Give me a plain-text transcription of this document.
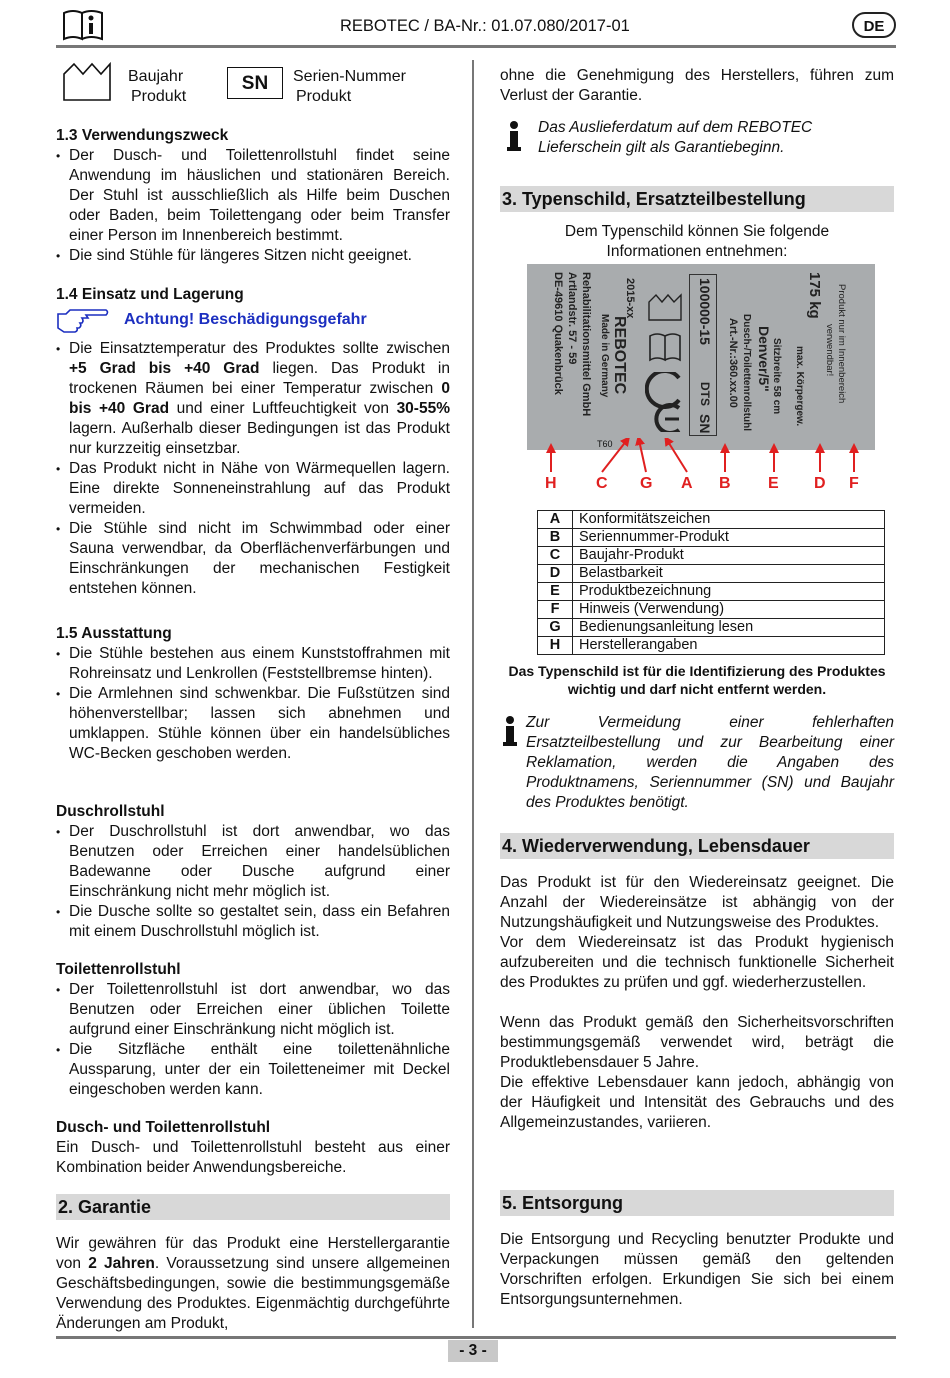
REBOTEC / BA-Nr.: 01.07.080/2017-01	DE
Baujahr
Produkt
SN	Serien-Nummer
Produkt

1.3 Verwendungszweck

• Der Dusch- und Toilettenrollstuhl findet seine Anwendung im häuslichen und stationären Bereich. Der Stuhl ist ausschließlich als Hilfe beim Duschen oder Baden, beim Toilettengang oder beim Transfer einer Person im Innenbereich bestimmt.
• Die sind Stühle für längeres Sitzen nicht geeignet.

1.4 Einsatz und Lagerung

Achtung! Beschädigungsgefahr
• Die Einsatztemperatur des Produktes sollte zwischen +5 Grad bis +40 Grad liegen. Das Produkt in trockenen Räumen bei einer Temperatur zwischen 0 bis +40 Grad und einer Luftfeuchtigkeit von 30-55% lagern. Außerhalb dieser Bedingungen ist das Produkt nur kurzzeitig einsetzbar.
• Das Produkt nicht in Nähe von Wärmequellen lagern. Eine direkte Sonneneinstrahlung auf das Produkt vermeiden.
• Die Stühle sind nicht im Schwimmbad oder einer Sauna verwendbar, da Oberflächenverfärbungen und Einschränkungen der mechanischen Festigkeit entstehen können.

1.5 Ausstattung

• Die Stühle bestehen aus einem Kunststoffrahmen mit Rohreinsatz und Lenkrollen (Feststellbremse hinten).
• Die Armlehnen sind schwenkbar. Die Fußstützen sind höhenverstellbar; lassen sich abnehmen und umklappen. Stühle können über ein handelsübliches WC-Becken geschoben werden.

Duschrollstuhl

• Der Duschrollstuhl ist dort anwendbar, wo das Benutzen oder Erreichen einer handelsüblichen Badewanne oder Dusche aufgrund einer Einschränkung nicht mehr möglich ist.
• Die Dusche sollte so gestaltet sein, dass ein Befahren mit einem Duschrollstuhl möglich ist.

Toilettenrollstuhl

• Der Toilettenrollstuhl ist dort anwendbar, wo das Benutzen oder Erreichen einer üblichen Toilette aufgrund einer Einschränkung nicht möglich ist.
• Die Sitzfläche enthält eine toilettenähnliche Aussparung, unter der ein Toiletteneimer mit Deckel eingeschoben werden kann.

Dusch- und Toilettenrollstuhl

Ein Dusch- und Toilettenrollstuhl besteht aus einer Kombination beider Anwendungsbereiche.

2. Garantie

Wir gewähren für das Produkt eine Herstellergarantie von 2 Jahren. Voraussetzung sind unsere allgemeinen Geschäftsbedingungen, sowie die bestimmungsgemäße Verwendung des Produktes. Eigenmächtig durchgeführte Änderungen am Produkt,

ohne die Genehmigung des Herstellers, führen zum Verlust der Garantie.

Das Auslieferdatum auf dem REBOTEC Lieferschein gilt als Garantiebeginn.

3. Typenschild, Ersatzteilbestellung

Dem Typenschild können Sie folgende Informationen entnehmen:

Rehabilitationsmittel GmbH
Artlandstr. 57 - 59
DE-49610 Quakenbrück	REBOTEC
Made in Germany
2015-xx	100000-15
DTS
SN
Art.-Nr.:360.xx.00 Dusch-/Toilettenrollstuhl Denver/5" Sitzbreite 58 cm
175 kg
max. Körpergew.	Produkt nur im Innenbereich
verwendbar!
T60
H C G A B E D F
A	Konformitätszeichen
B	Seriennummer-Produkt
C	Baujahr-Produkt
D	Belastbarkeit
E	Produktbezeichnung
F	Hinweis (Verwendung)
G	Bedienungsanleitung lesen
H	Herstellerangaben
Das Typenschild ist für die Identifizierung des Produktes wichtig und darf nicht entfernt werden.
Zur Vermeidung einer fehlerhaften Ersatzteilbestellung und zur Bearbeitung einer Reklamation, werden die Angaben des Produktnamens, Seriennummer (SN) und Baujahr des Produktes benötigt.

4. Wiederverwendung, Lebensdauer

Das Produkt ist für den Wiedereinsatz geeignet. Die Anzahl der Wiedereinsätze ist abhängig von der Nutzungshäufigkeit und Nutzungsweise des Produktes.

Vor dem Wiedereinsatz ist das Produkt hygienisch aufzubereiten und die technisch funktionelle Sicherheit des Produktes zu prüfen und ggf. wiederherzustellen.

Wenn das Produkt gemäß den Sicherheitsvorschriften bestimmungsgemäß verwendet wird, beträgt die Produktlebensdauer 5 Jahre.

Die effektive Lebensdauer kann jedoch, abhängig von der Häufigkeit und Intensität des Gebrauchs und des Allgemeinzustandes, variieren.

5. Entsorgung

Die Entsorgung und Recycling benutzter Produkte und Verpackungen müssen gemäß den geltenden Vorschriften erfolgen. Erkundigen Sie sich bei einem Entsorgungsunternehmen.

- 3 -
